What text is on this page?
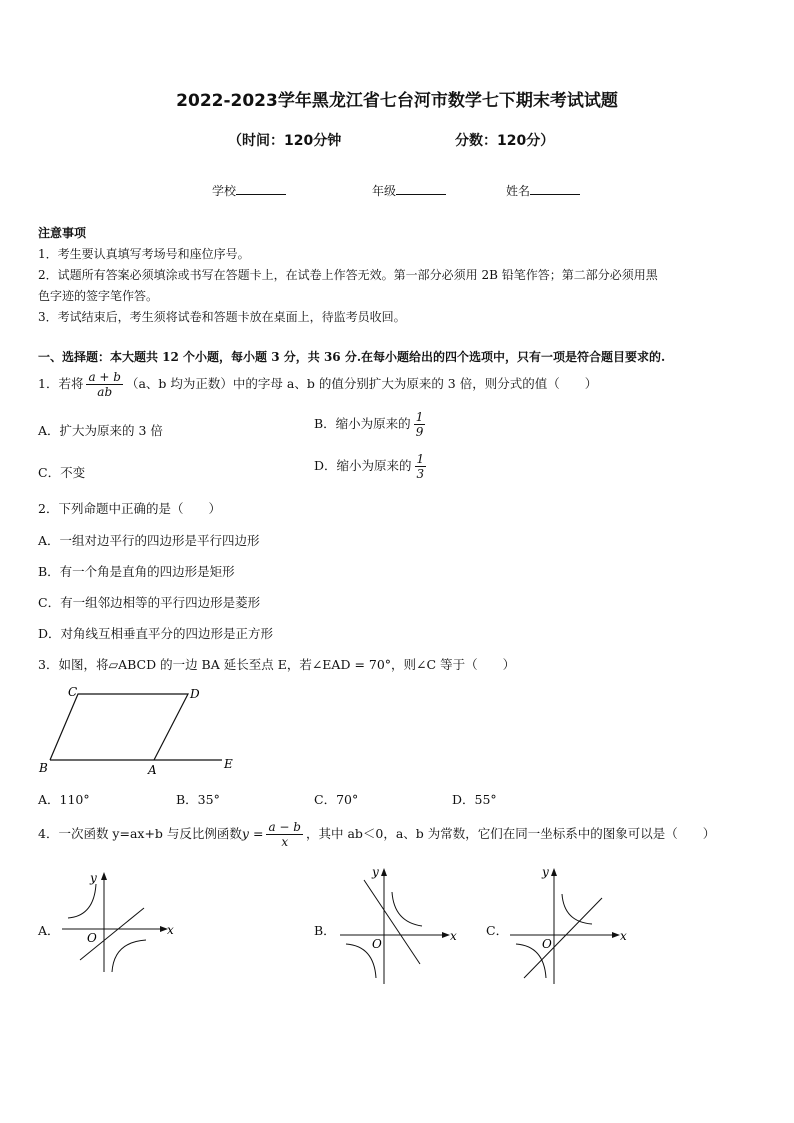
2022-2023学年黑龙江省七台河市数学七下期末考试试题
（时间：120分钟	分数：120分）
学校	年级	姓名
注意事项
1．考生要认真填写考场号和座位序号。
2．试题所有答案必须填涂或书写在答题卡上，在试卷上作答无效。第一部分必须用 2B 铅笔作答；第二部分必须用黑
色字迹的签字笔作答。
3．考试结束后，考生须将试卷和答题卡放在桌面上，待监考员收回。
一、选择题：本大题共 12 个小题，每小题 3 分，共 36 分.在每小题给出的四个选项中，只有一项是符合题目要求的.
1．若将 $\frac{a + b}{ab} (a$、b 均为正数）中的字母 a、b 的值分别扩大为原来的 3 倍，则分式的值（　　）
A．扩大为原来的 3 倍	B．缩小为原来的 $\frac{1}{9}$
C．不变	D．缩小为原来的 $\frac{1}{3}$
2．下列命题中正确的是（　　）
A．一组对边平行的四边形是平行四边形
B．有一个角是直角的四边形是矩形
C．有一组邻边相等的平行四边形是菱形
D．对角线互相垂直平分的四边形是正方形
3．如图，将▱ABCD 的一边 BA 延长至点 E，若∠EAD = 70°，则∠C 等于（　　）
C	D
B	A	E
A．110°	B．35°	C．70°	D．55°
4．一次函数 y=ax+b 与反比例函数$y = \frac{a - b}{x}$ ，其中 ab＜0，a、b 为常数，它们在同一坐标系中的图象可以是（　　）
A．	x
y
O	B．	x
y
O
C．	x
y
O
